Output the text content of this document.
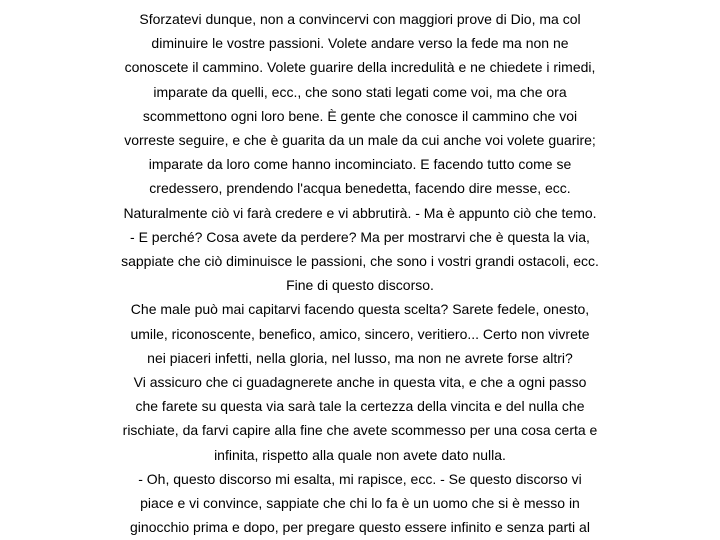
Sforzatevi dunque, non a convincervi con maggiori prove di Dio, ma col
diminuire le vostre passioni. Volete andare verso la fede ma non ne
conoscete il cammino. Volete guarire della incredulità e ne chiedete i rimedi,
imparate da quelli, ecc., che sono stati legati come voi, ma che ora
scommettono ogni loro bene. È gente che conosce il cammino che voi
vorreste seguire, e che è guarita da un male da cui anche voi volete guarire;
imparate da loro come hanno incominciato. E facendo tutto come se
credessero, prendendo l'acqua benedetta, facendo dire messe, ecc.
Naturalmente ciò vi farà credere e vi abbrutirà. - Ma è appunto ciò che temo.
- E perché? Cosa avete da perdere? Ma per mostrarvi che è questa la via,
sappiate che ciò diminuisce le passioni, che sono i vostri grandi ostacoli, ecc.
Fine di questo discorso.
Che male può mai capitarvi facendo questa scelta? Sarete fedele, onesto,
umile, riconoscente, benefico, amico, sincero, veritiero... Certo non vivrete
nei piaceri infetti, nella gloria, nel lusso, ma non ne avrete forse altri?
Vi assicuro che ci guadagnerete anche in questa vita, e che a ogni passo
che farete su questa via sarà tale la certezza della vincita e del nulla che
rischiate, da farvi capire alla fine che avete scommesso per una cosa certa e
infinita, rispetto alla quale non avete dato nulla.
- Oh, questo discorso mi esalta, mi rapisce, ecc. - Se questo discorso vi
piace e vi convince, sappiate che chi lo fa è un uomo che si è messo in
ginocchio prima e dopo, per pregare questo essere infinito e senza parti al
